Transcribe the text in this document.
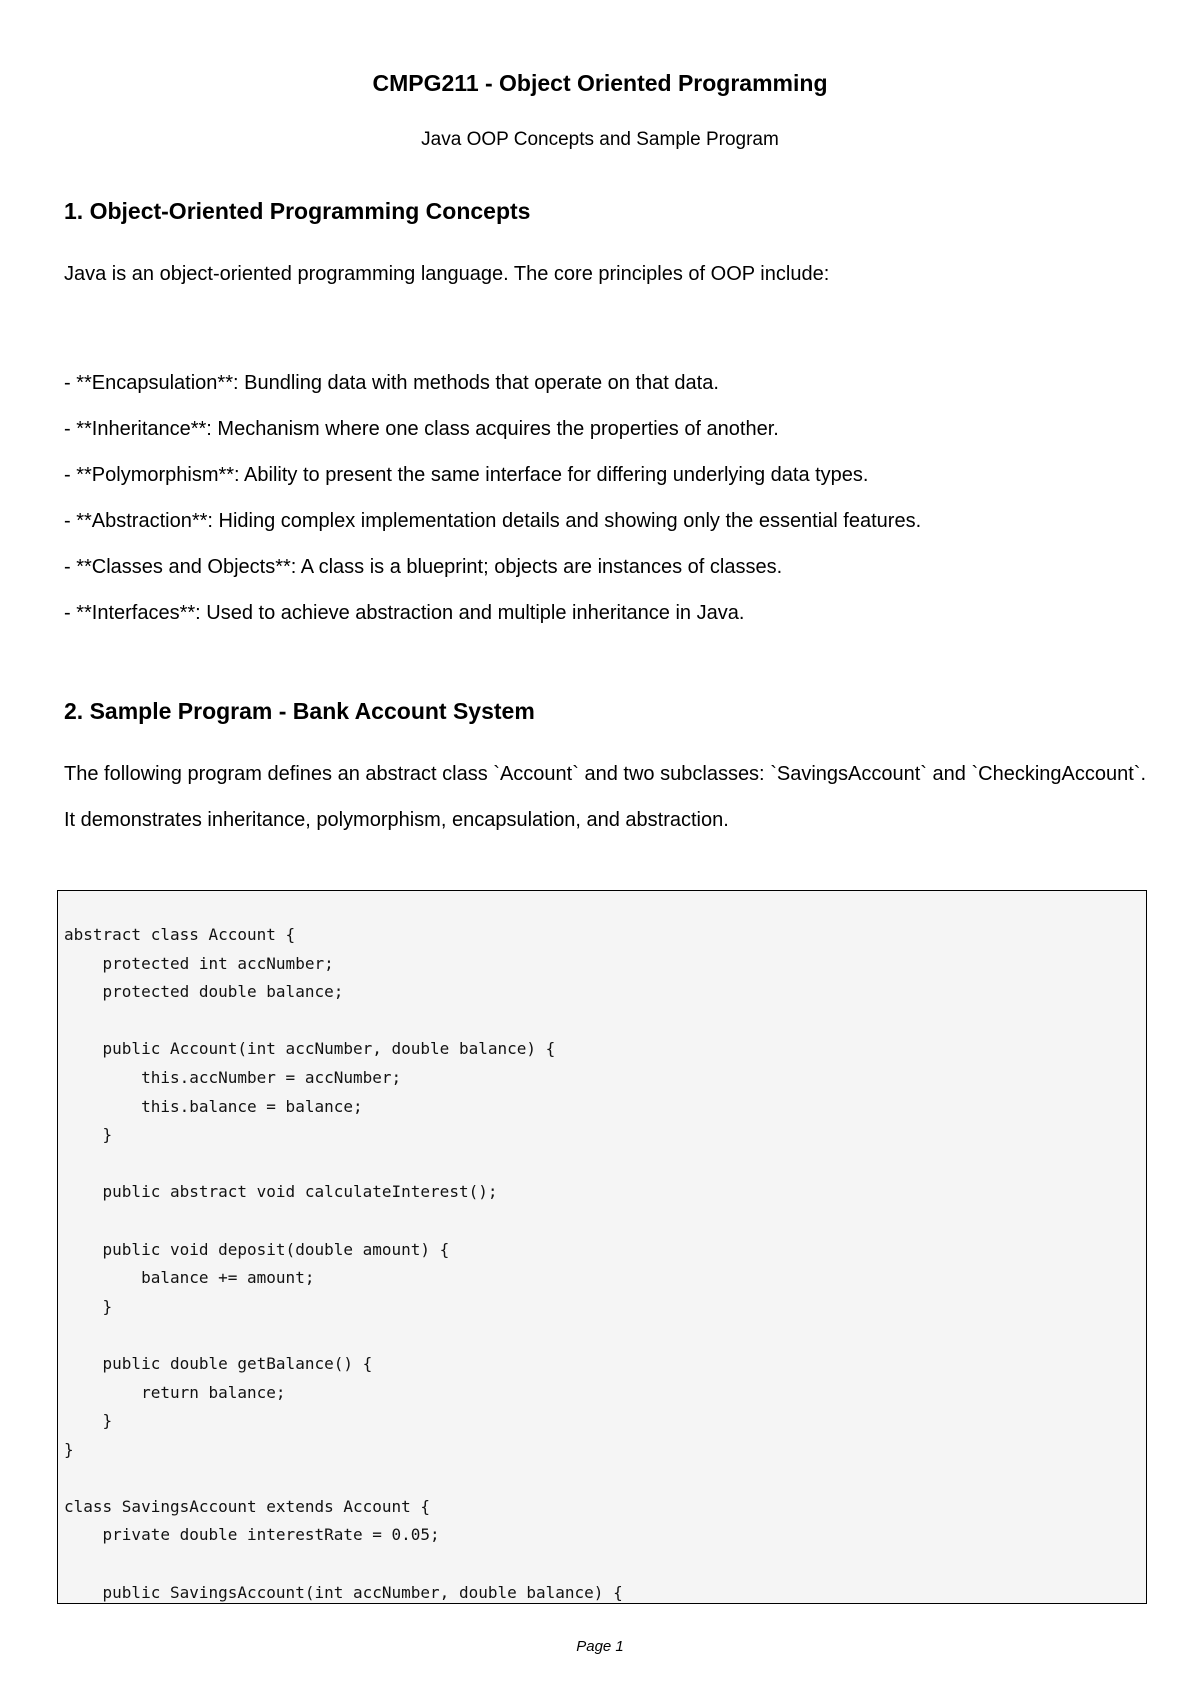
CMPG211 - Object Oriented Programming

Java OOP Concepts and Sample Program

1. Object-Oriented Programming Concepts

Java is an object-oriented programming language. The core principles of OOP include:

- **Encapsulation**: Bundling data with methods that operate on that data.
- **Inheritance**: Mechanism where one class acquires the properties of another.
- **Polymorphism**: Ability to present the same interface for differing underlying data types.
- **Abstraction**: Hiding complex implementation details and showing only the essential features.
- **Classes and Objects**: A class is a blueprint; objects are instances of classes.
- **Interfaces**: Used to achieve abstraction and multiple inheritance in Java.
2. Sample Program - Bank Account System

The following program defines an abstract class `Account` and two subclasses: `SavingsAccount` and `CheckingAccount`. It demonstrates inheritance, polymorphism, encapsulation, and abstraction.

abstract class Account {
protected int accNumber;
protected double balance;

public Account(int accNumber, double balance) {
this.accNumber = accNumber;
this.balance = balance;
}

public abstract void calculateInterest();

public void deposit(double amount) {
balance += amount;
}

public double getBalance() {
return balance;
}
}

class SavingsAccount extends Account {
private double interestRate = 0.05;

public SavingsAccount(int accNumber, double balance) {

Page 1
